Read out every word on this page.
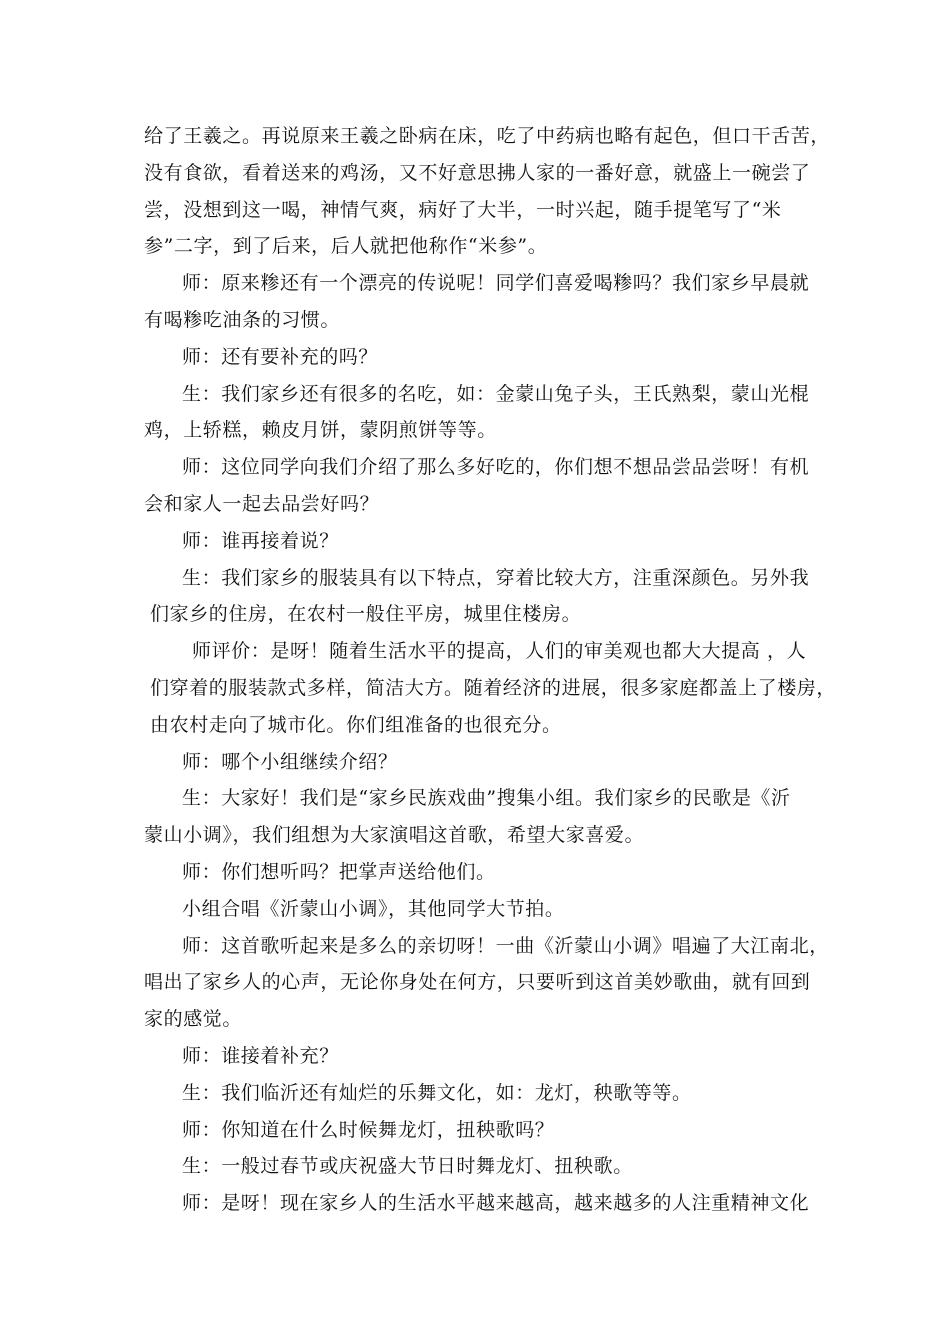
给了王羲之。再说原来王羲之卧病在床，吃了中药病也略有起色，但口干舌苦，
没有食欲，看着送来的鸡汤，又不好意思拂人家的一番好意，就盛上一碗尝了
尝，没想到这一喝，神情气爽，病好了大半，一时兴起，随手提笔写了“米
参”二字，到了后来，后人就把他称作“米参”。
师：原来糁还有一个漂亮的传说呢！同学们喜爱喝糁吗？我们家乡早晨就
有喝糁吃油条的习惯。
师：还有要补充的吗？
生：我们家乡还有很多的名吃，如：金蒙山兔子头，王氏熟梨，蒙山光棍
鸡，上轿糕，赖皮月饼，蒙阴煎饼等等。
师：这位同学向我们介绍了那么多好吃的，你们想不想品尝品尝呀！有机
会和家人一起去品尝好吗？
师：谁再接着说？
生：我们家乡的服装具有以下特点，穿着比较大方，注重深颜色。另外我
们家乡的住房，在农村一般住平房，城里住楼房。
师评价：是呀！随着生活水平的提高，人们的审美观也都大大提高 ，人
们穿着的服装款式多样，简洁大方。随着经济的进展，很多家庭都盖上了楼房，
由农村走向了城市化。你们组准备的也很充分。
师：哪个小组继续介绍？
生：大家好！我们是“家乡民族戏曲”搜集小组。我们家乡的民歌是《沂
蒙山小调》，我们组想为大家演唱这首歌，希望大家喜爱。
师：你们想听吗？把掌声送给他们。
小组合唱《沂蒙山小调》，其他同学大节拍。
师：这首歌听起来是多么的亲切呀！一曲《沂蒙山小调》唱遍了大江南北，
唱出了家乡人的心声，无论你身处在何方，只要听到这首美妙歌曲，就有回到
家的感觉。
师：谁接着补充？
生：我们临沂还有灿烂的乐舞文化，如：龙灯，秧歌等等。
师：你知道在什么时候舞龙灯，扭秧歌吗？
生：一般过春节或庆祝盛大节日时舞龙灯、扭秧歌。
师：是呀！现在家乡人的生活水平越来越高，越来越多的人注重精神文化
